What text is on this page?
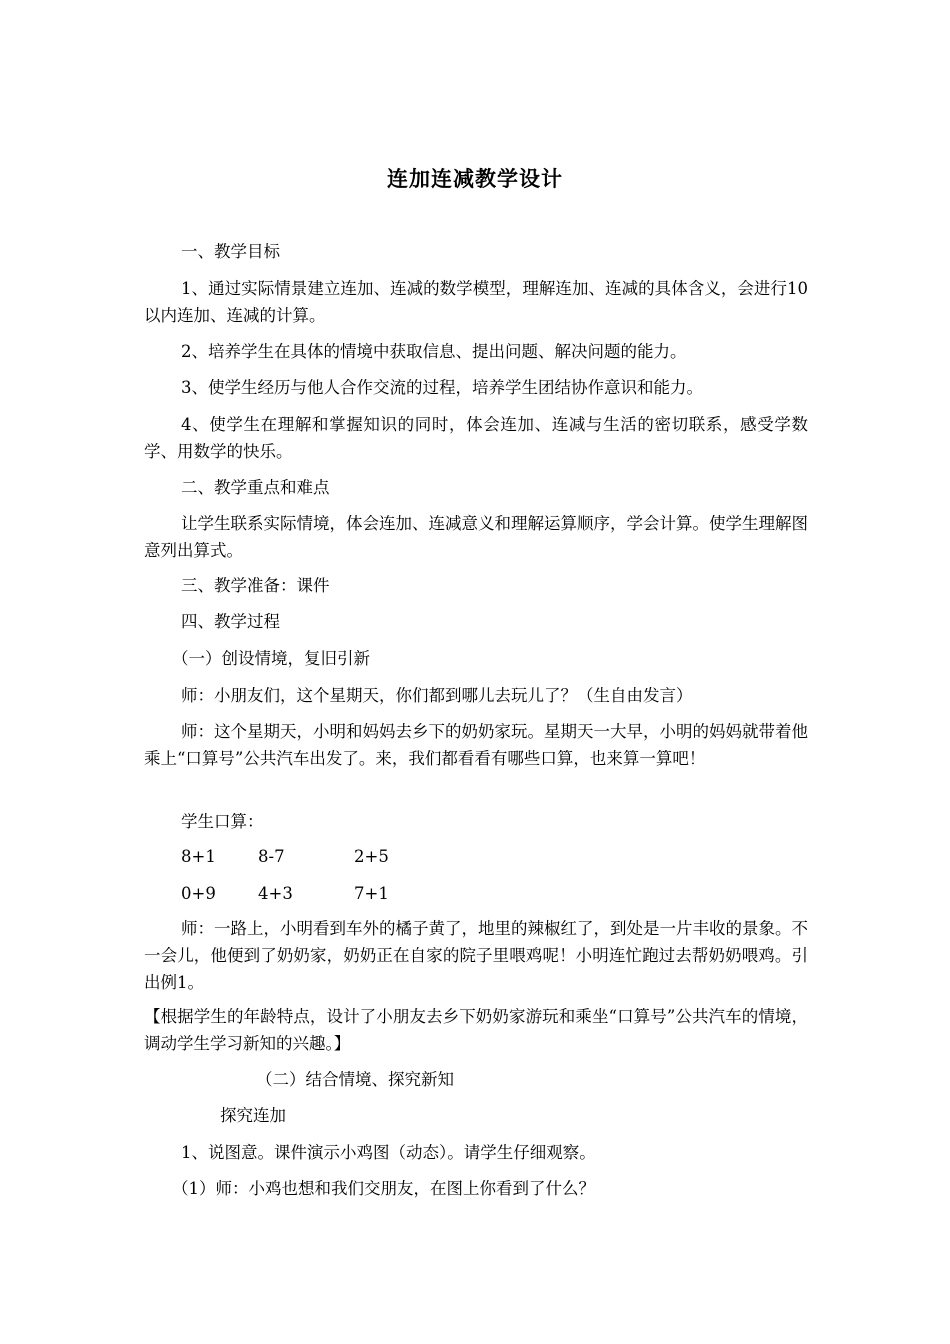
连加连减教学设计
一、教学目标
1、通过实际情景建立连加、连减的数学模型，理解连加、连减的具体含义，会进行10以内连加、连减的计算。
2、培养学生在具体的情境中获取信息、提出问题、解决问题的能力。
3、使学生经历与他人合作交流的过程，培养学生团结协作意识和能力。
4、使学生在理解和掌握知识的同时，体会连加、连减与生活的密切联系，感受学数学、用数学的快乐。
二、教学重点和难点
让学生联系实际情境，体会连加、连减意义和理解运算顺序，学会计算。使学生理解图意列出算式。
三、教学准备：课件
四、教学过程
（一）创设情境，复旧引新
师：小朋友们，这个星期天，你们都到哪儿去玩儿了？（生自由发言）
师：这个星期天，小明和妈妈去乡下的奶奶家玩。星期天一大早，小明的妈妈就带着他乘上“口算号”公共汽车出发了。来，我们都看看有哪些口算，也来算一算吧！
学生口算：
8+1	8-7	2+5
0+9	4+3	7+1
师：一路上，小明看到车外的橘子黄了，地里的辣椒红了，到处是一片丰收的景象。不一会儿，他便到了奶奶家，奶奶正在自家的院子里喂鸡呢！小明连忙跑过去帮奶奶喂鸡。引出例1。
【根据学生的年龄特点，设计了小朋友去乡下奶奶家游玩和乘坐“口算号”公共汽车的情境，调动学生学习新知的兴趣。】
（二）结合情境、探究新知
探究连加
1、说图意。课件演示小鸡图（动态）。请学生仔细观察。
（1）师：小鸡也想和我们交朋友，在图上你看到了什么？
